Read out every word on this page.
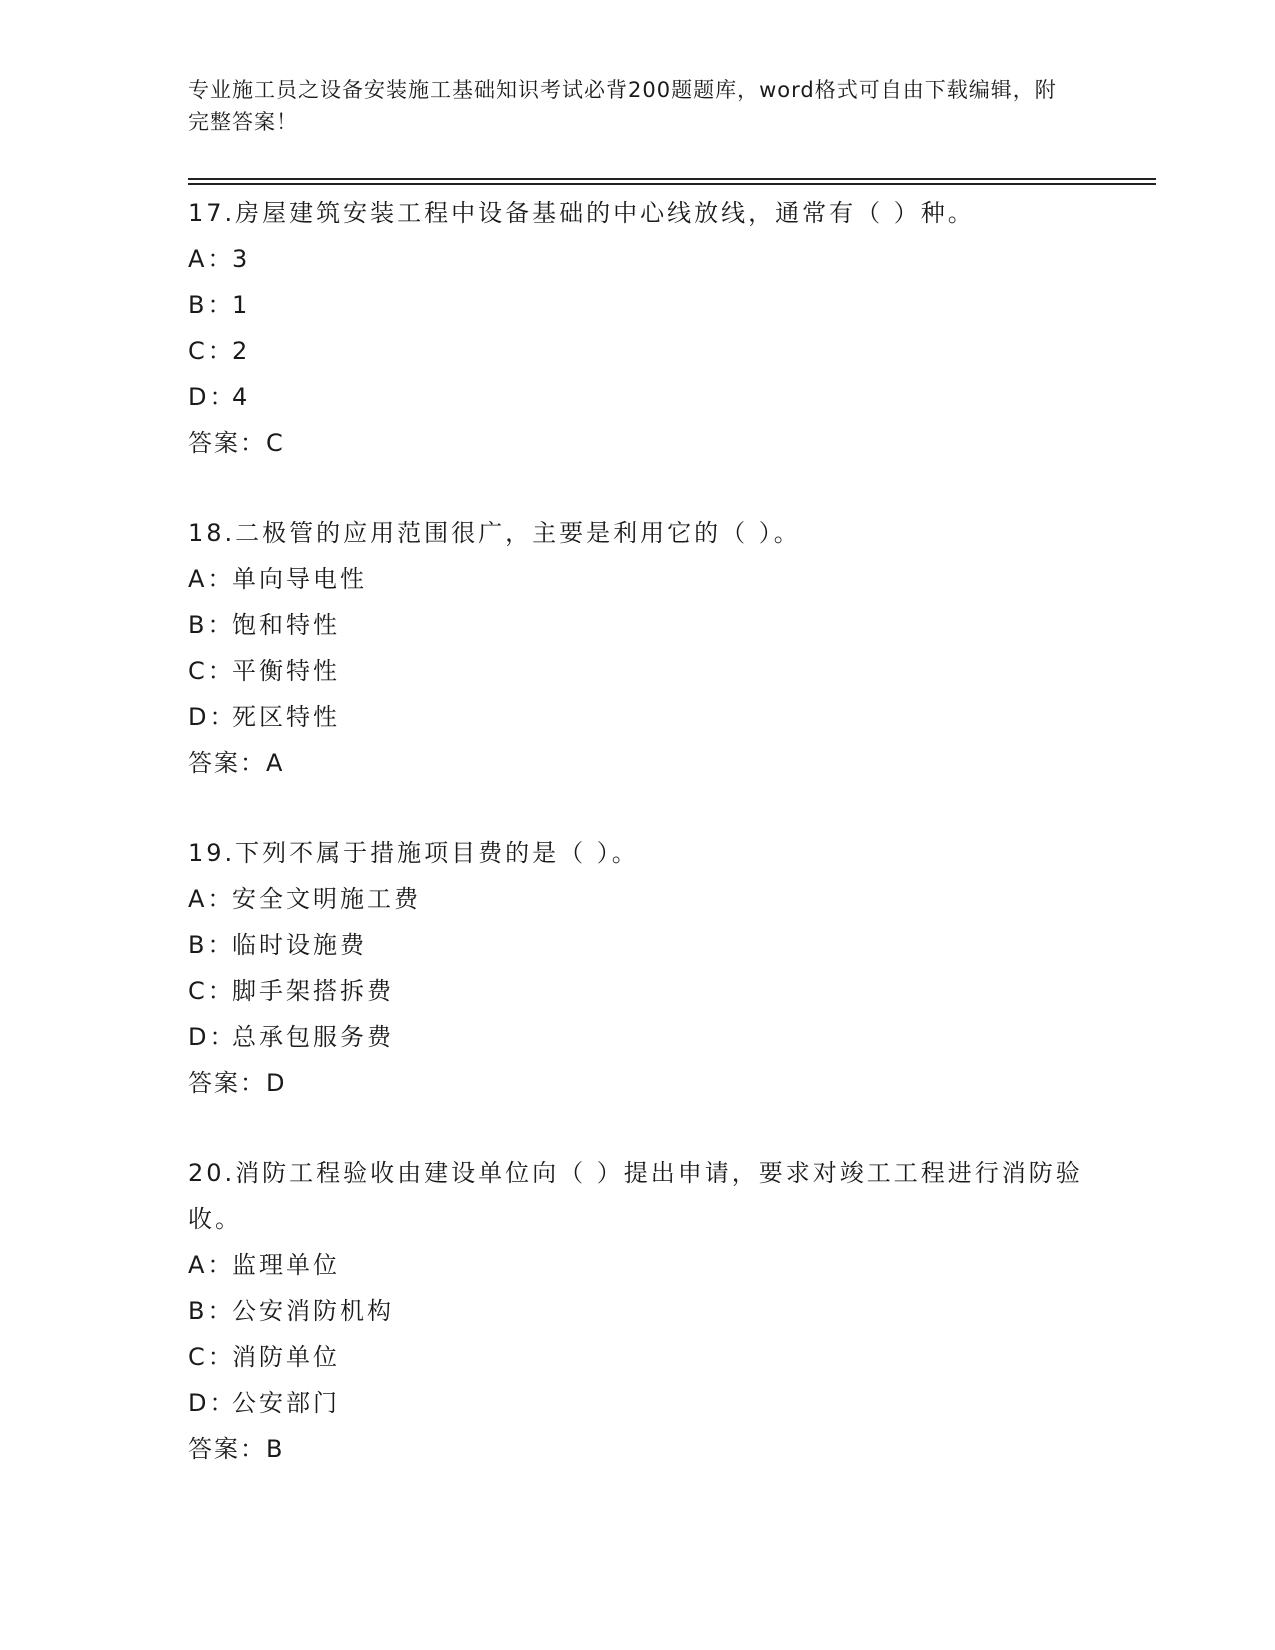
专业施工员之设备安装施工基础知识考试必背200题题库，word格式可自由下载编辑，附完整答案！
17.房屋建筑安装工程中设备基础的中心线放线，通常有（ ）种。
A：3
B：1
C：2
D：4
答案：C
18.二极管的应用范围很广，主要是利用它的（ ）。
A：单向导电性
B：饱和特性
C：平衡特性
D：死区特性
答案：A
19.下列不属于措施项目费的是（ ）。
A：安全文明施工费
B：临时设施费
C：脚手架搭拆费
D：总承包服务费
答案：D
20.消防工程验收由建设单位向（ ）提出申请，要求对竣工工程进行消防验收。
A：监理单位
B：公安消防机构
C：消防单位
D：公安部门
答案：B
